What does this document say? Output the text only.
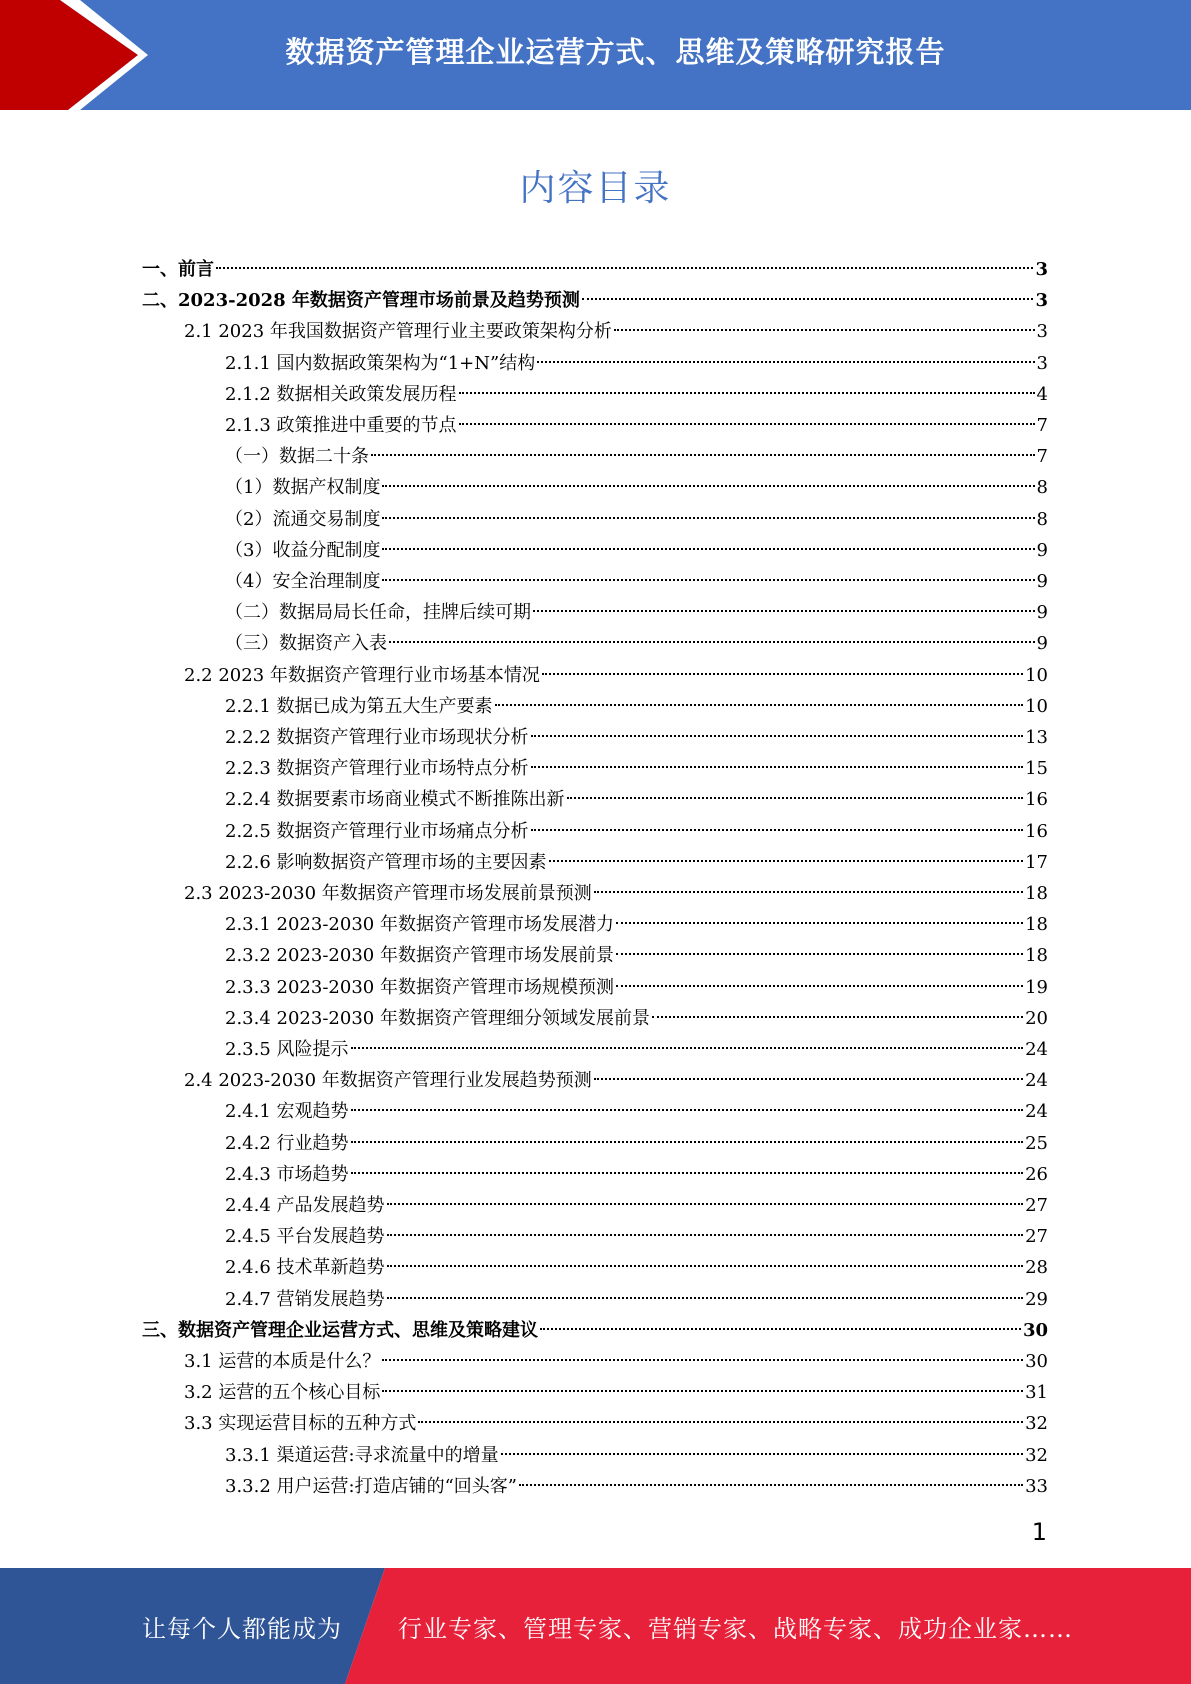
数据资产管理企业运营方式、思维及策略研究报告
内容目录
一、前言	3
二、2023-2028 年数据资产管理市场前景及趋势预测	3
2.1 2023 年我国数据资产管理行业主要政策架构分析	3
2.1.1 国内数据政策架构为“1+N”结构	3
2.1.2 数据相关政策发展历程	4
2.1.3 政策推进中重要的节点	7
（一）数据二十条	7
（1）数据产权制度	8
（2）流通交易制度	8
（3）收益分配制度	9
（4）安全治理制度	9
（二）数据局局长任命，挂牌后续可期	9
（三）数据资产入表	9
2.2 2023 年数据资产管理行业市场基本情况	10
2.2.1 数据已成为第五大生产要素	10
2.2.2 数据资产管理行业市场现状分析	13
2.2.3 数据资产管理行业市场特点分析	15
2.2.4 数据要素市场商业模式不断推陈出新	16
2.2.5 数据资产管理行业市场痛点分析	16
2.2.6 影响数据资产管理市场的主要因素	17
2.3 2023-2030 年数据资产管理市场发展前景预测	18
2.3.1 2023-2030 年数据资产管理市场发展潜力	18
2.3.2 2023-2030 年数据资产管理市场发展前景	18
2.3.3 2023-2030 年数据资产管理市场规模预测	19
2.3.4 2023-2030 年数据资产管理细分领域发展前景	20
2.3.5 风险提示	24
2.4 2023-2030 年数据资产管理行业发展趋势预测	24
2.4.1 宏观趋势	24
2.4.2 行业趋势	25
2.4.3 市场趋势	26
2.4.4 产品发展趋势	27
2.4.5 平台发展趋势	27
2.4.6 技术革新趋势	28
2.4.7 营销发展趋势	29
三、数据资产管理企业运营方式、思维及策略建议	30
3.1 运营的本质是什么？	30
3.2 运营的五个核心目标	31
3.3 实现运营目标的五种方式	32
3.3.1 渠道运营:寻求流量中的增量	32
3.3.2 用户运营:打造店铺的“回头客”	33
1
让每个人都能成为 行业专家、管理专家、营销专家、战略专家、成功企业家……
